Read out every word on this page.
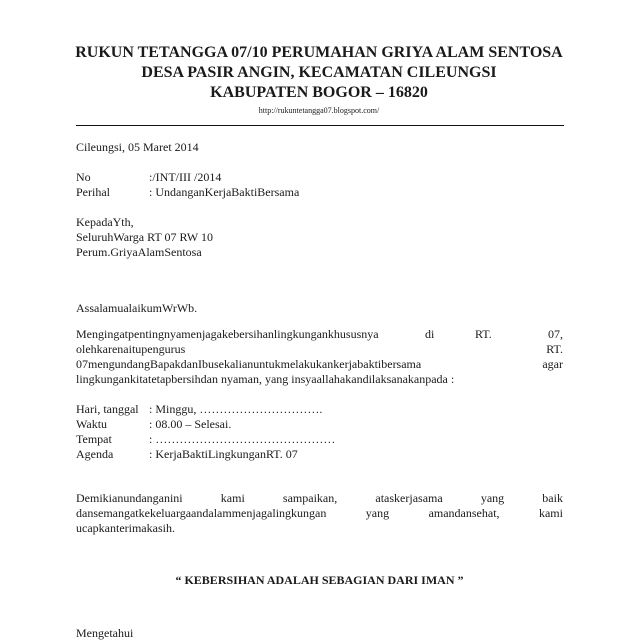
RUKUN TETANGGA 07/10 PERUMAHAN GRIYA ALAM SENTOSA
DESA PASIR ANGIN, KECAMATAN CILEUNGSI
KABUPATEN BOGOR – 16820
http://rukuntetangga07.blogspot.com/
Cileungsi, 05 Maret 2014
No	:/INT/III /2014
Perihal	: UndanganKerjaBaktiBersama
KepadaYth,
SeluruhWarga RT 07 RW 10
Perum.GriyaAlamSentosa
AssalamualaikumWrWb.
Mengingatpentingnyamenjagakebersihanlingkungankhususnya	di	RT.	07,
olehkarenaitupengurus	RT.
07mengundangBapakdanIbusekalianuntukmelakukankerjabaktibersama	agar
lingkungankitatetapbersihdan nyaman, yang insyaallahakandilaksanakanpada :
Hari, tanggal : Minggu, ………………………….
Waktu	: 08.00 – Selesai.
Tempat	: ………………………………………
Agenda	: KerjaBaktiLingkunganRT. 07
Demikianundanganini	kami	sampaikan,	ataskerjasama	yang	baik
dansemangatkekeluargaandalammenjagalingkungan	yang	amandansehat,	kami
ucapkanterimakasih.
“ KEBERSIHAN ADALAH SEBAGIAN DARI IMAN ”
Mengetahui
